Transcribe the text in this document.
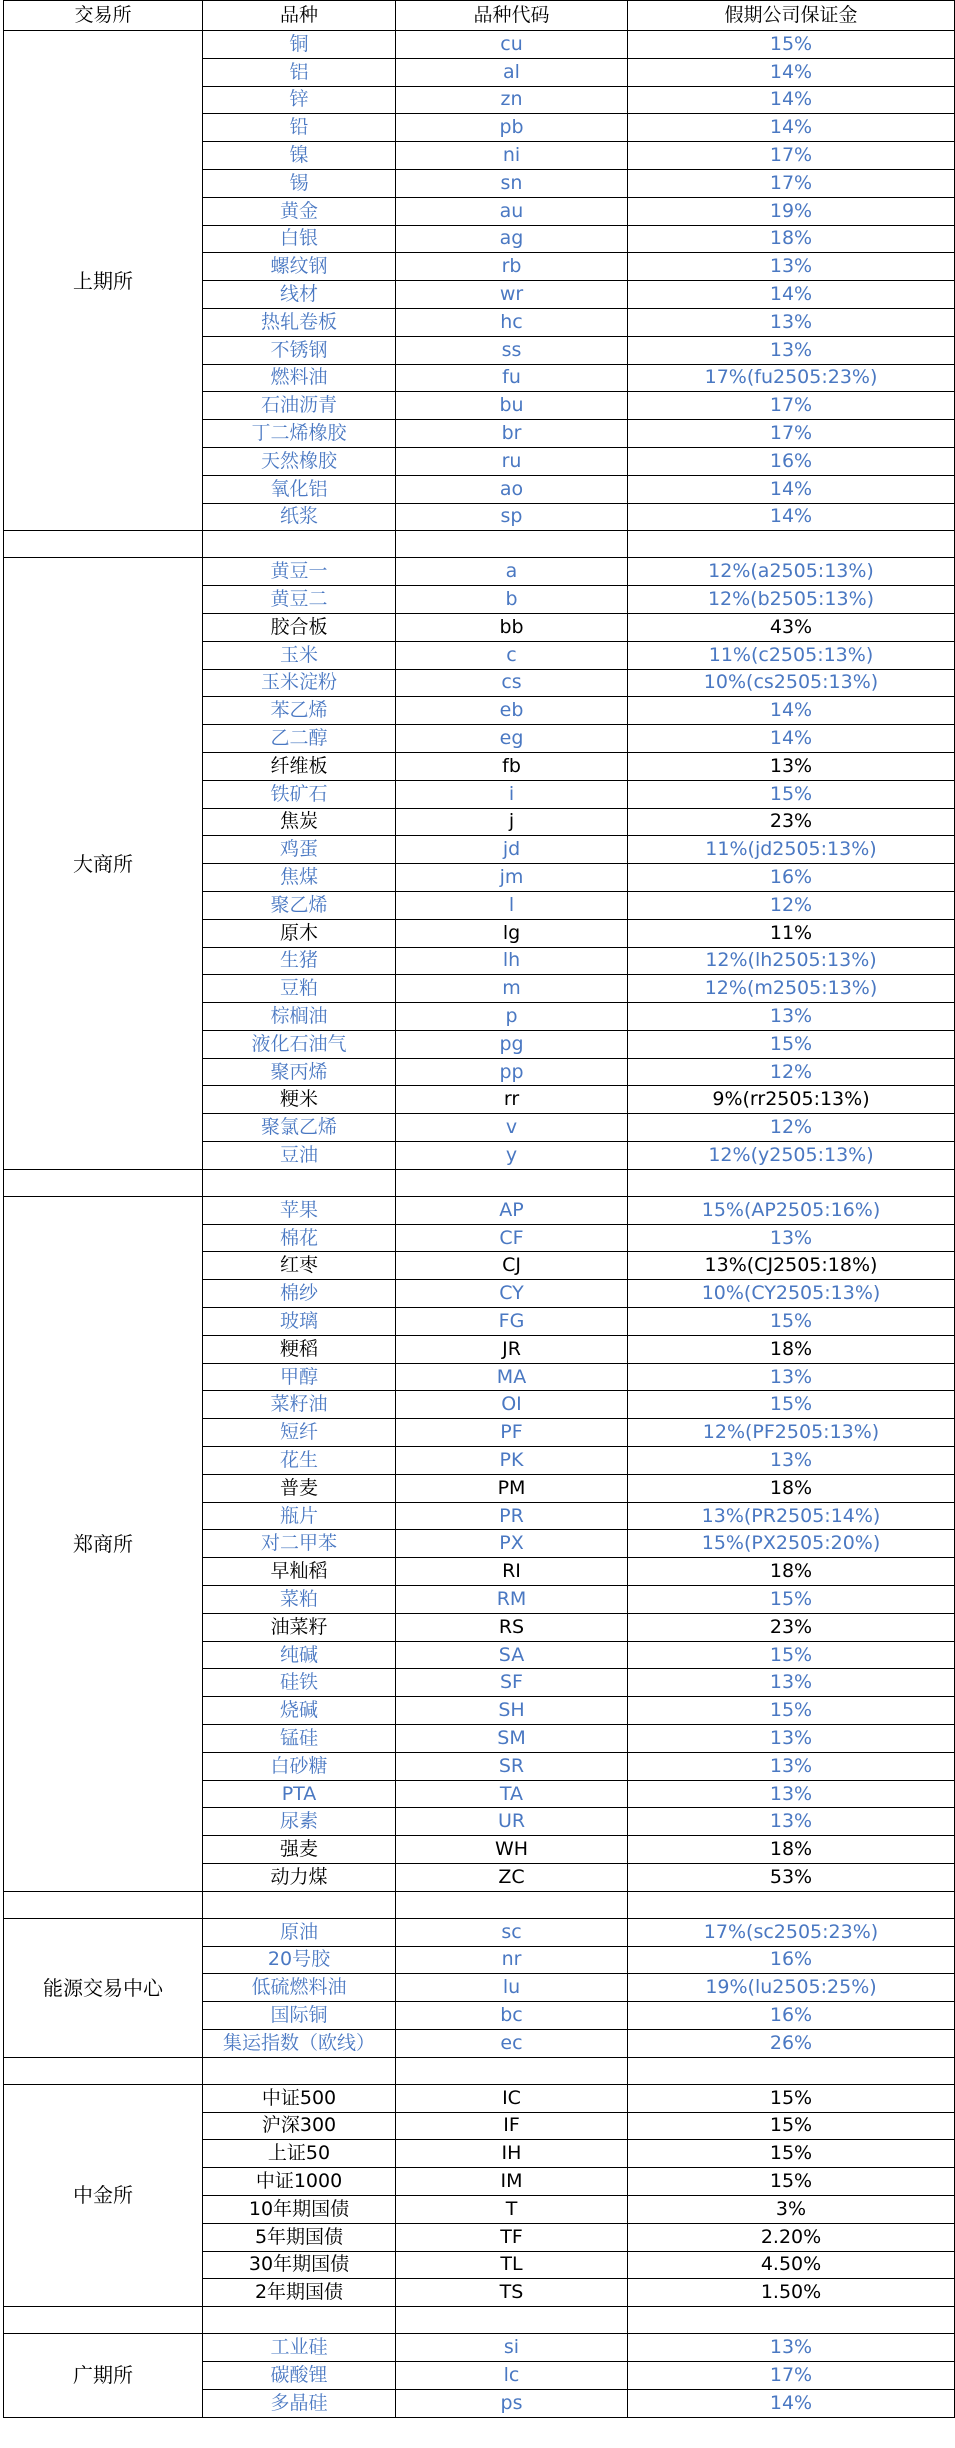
交易所	品种	品种代码	假期公司保证金
上期所	铜	cu	15%
	铝	al	14%
	锌	zn	14%
	铅	pb	14%
	镍	ni	17%
	锡	sn	17%
	黄金	au	19%
	白银	ag	18%
	螺纹钢	rb	13%
	线材	wr	14%
	热轧卷板	hc	13%
	不锈钢	ss	13%
	燃料油	fu	17%(fu2505:23%)
	石油沥青	bu	17%
	丁二烯橡胶	br	17%
	天然橡胶	ru	16%
	氧化铝	ao	14%
	纸浆	sp	14%

大商所	黄豆一	a	12%(a2505:13%)
	黄豆二	b	12%(b2505:13%)
	胶合板	bb	43%
	玉米	c	11%(c2505:13%)
	玉米淀粉	cs	10%(cs2505:13%)
	苯乙烯	eb	14%
	乙二醇	eg	14%
	纤维板	fb	13%
	铁矿石	i	15%
	焦炭	j	23%
	鸡蛋	jd	11%(jd2505:13%)
	焦煤	jm	16%
	聚乙烯	l	12%
	原木	lg	11%
	生猪	lh	12%(lh2505:13%)
	豆粕	m	12%(m2505:13%)
	棕榈油	p	13%
	液化石油气	pg	15%
	聚丙烯	pp	12%
	粳米	rr	9%(rr2505:13%)
	聚氯乙烯	v	12%
	豆油	y	12%(y2505:13%)

郑商所	苹果	AP	15%(AP2505:16%)
	棉花	CF	13%
	红枣	CJ	13%(CJ2505:18%)
	棉纱	CY	10%(CY2505:13%)
	玻璃	FG	15%
	粳稻	JR	18%
	甲醇	MA	13%
	菜籽油	OI	15%
	短纤	PF	12%(PF2505:13%)
	花生	PK	13%
	普麦	PM	18%
	瓶片	PR	13%(PR2505:14%)
	对二甲苯	PX	15%(PX2505:20%)
	早籼稻	RI	18%
	菜粕	RM	15%
	油菜籽	RS	23%
	纯碱	SA	15%
	硅铁	SF	13%
	烧碱	SH	15%
	锰硅	SM	13%
	白砂糖	SR	13%
	PTA	TA	13%
	尿素	UR	13%
	强麦	WH	18%
	动力煤	ZC	53%

能源交易中心	原油	sc	17%(sc2505:23%)
	20号胶	nr	16%
	低硫燃料油	lu	19%(lu2505:25%)
	国际铜	bc	16%
	集运指数（欧线）	ec	26%

中金所	中证500	IC	15%
	沪深300	IF	15%
	上证50	IH	15%
	中证1000	IM	15%
	10年期国债	T	3%
	5年期国债	TF	2.20%
	30年期国债	TL	4.50%
	2年期国债	TS	1.50%

广期所	工业硅	si	13%
	碳酸锂	lc	17%
	多晶硅	ps	14%
